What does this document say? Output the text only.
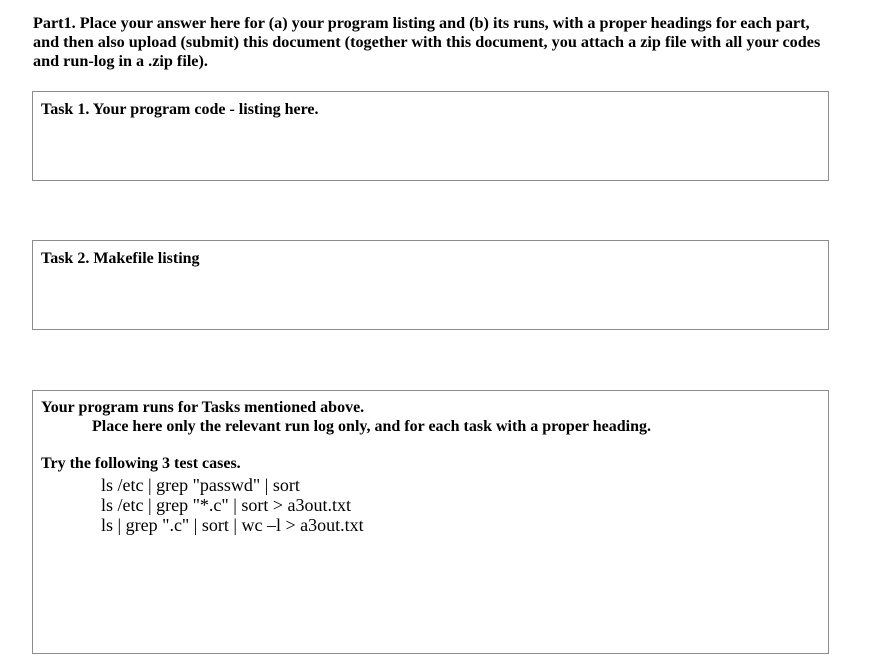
Part1. Place your answer here for (a) your program listing and (b) its runs, with a proper headings for each part, and then also upload (submit) this document (together with this document, you attach a zip file with all your codes and run-log in a .zip file).
Task 1. Your program code - listing here.
Task 2. Makefile listing
Your program runs for Tasks mentioned above.
Place here only the relevant run log only, and for each task with a proper heading.
Try the following 3 test cases.
ls /etc | grep "passwd" | sort
ls /etc | grep "*.c" | sort > a3out.txt
ls | grep ".c" | sort | wc –l > a3out.txt
